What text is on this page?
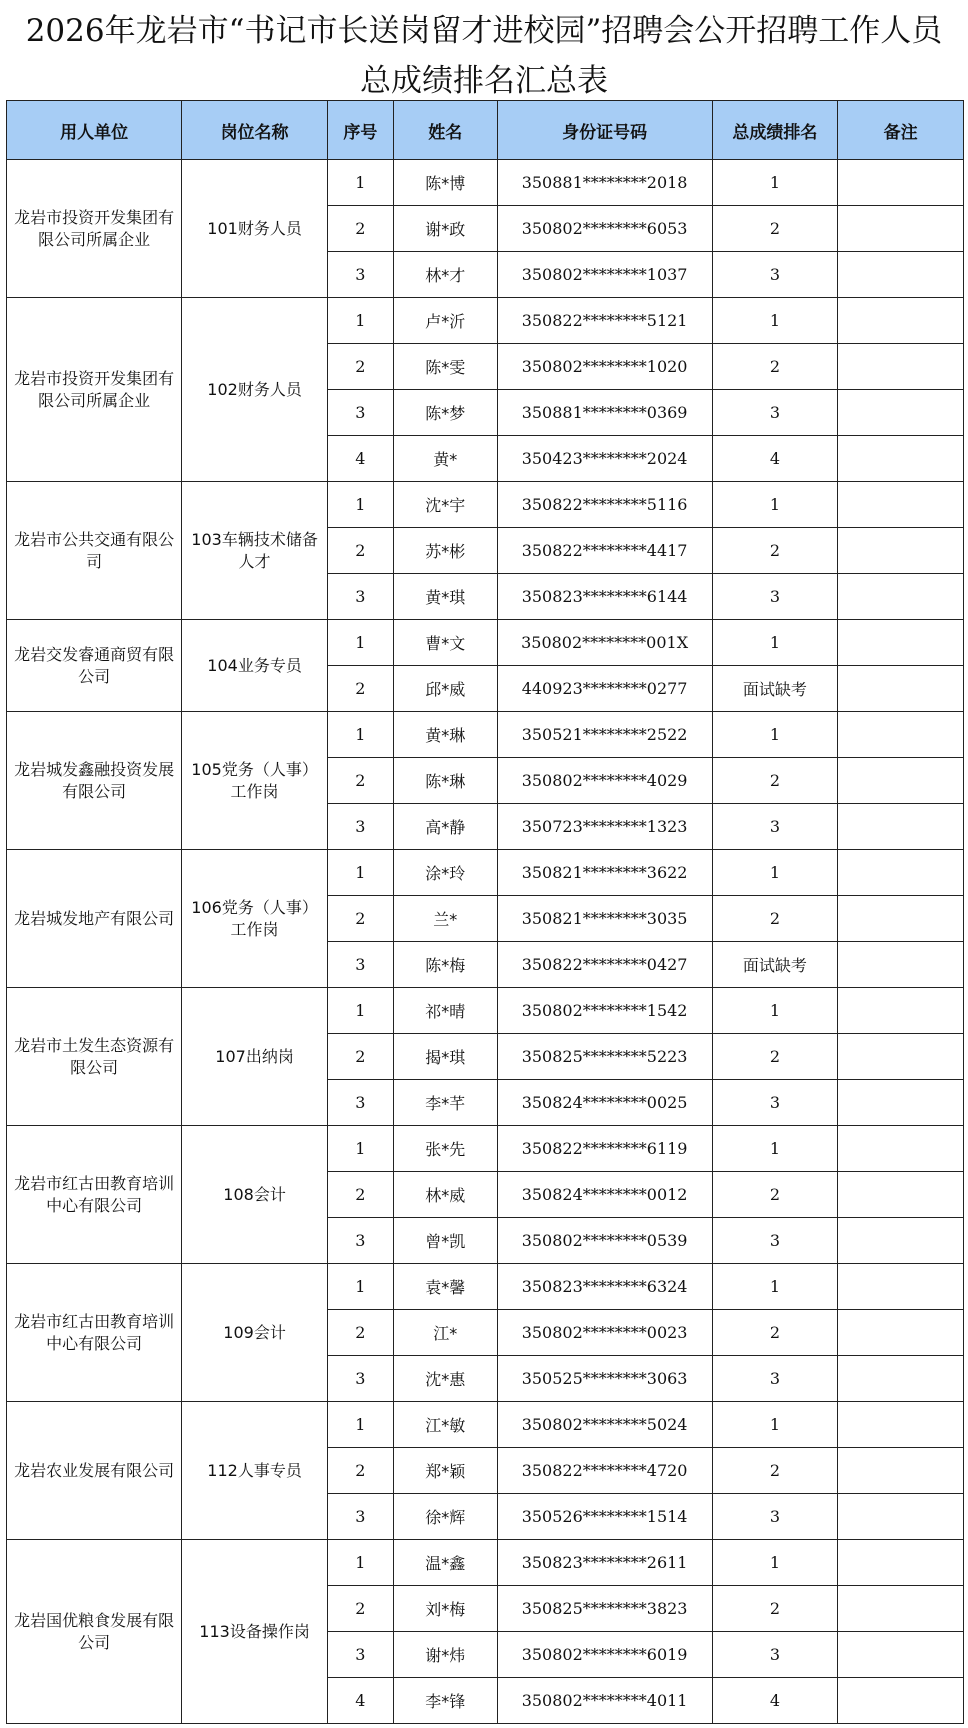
2026年龙岩市“书记市长送岗留才进校园”招聘会公开招聘工作人员
总成绩排名汇总表
用人单位	岗位名称	序号	姓名	身份证号码	总成绩排名	备注
龙岩市投资开发集团有限公司所属企业	101财务人员	1	陈*博	350881********2018	1	
		2	谢*政	350802********6053	2	
		3	林*才	350802********1037	3	
龙岩市投资开发集团有限公司所属企业	102财务人员	1	卢*沂	350822********5121	1	
		2	陈*雯	350802********1020	2	
		3	陈*梦	350881********0369	3	
		4	黄*	350423********2024	4	
龙岩市公共交通有限公司	103车辆技术储备人才	1	沈*宇	350822********5116	1	
		2	苏*彬	350822********4417	2	
		3	黄*琪	350823********6144	3	
龙岩交发睿通商贸有限公司	104业务专员	1	曹*文	350802********001X	1	
		2	邱*威	440923********0277	面试缺考	
龙岩城发鑫融投资发展有限公司	105党务（人事）工作岗	1	黄*琳	350521********2522	1	
		2	陈*琳	350802********4029	2	
		3	高*静	350723********1323	3	
龙岩城发地产有限公司	106党务（人事）工作岗	1	涂*玲	350821********3622	1	
		2	兰*	350821********3035	2	
		3	陈*梅	350822********0427	面试缺考	
龙岩市土发生态资源有限公司	107出纳岗	1	祁*晴	350802********1542	1	
		2	揭*琪	350825********5223	2	
		3	李*芊	350824********0025	3	
龙岩市红古田教育培训中心有限公司	108会计	1	张*先	350822********6119	1	
		2	林*威	350824********0012	2	
		3	曾*凯	350802********0539	3	
龙岩市红古田教育培训中心有限公司	109会计	1	袁*馨	350823********6324	1	
		2	江*	350802********0023	2	
		3	沈*惠	350525********3063	3	
龙岩农业发展有限公司	112人事专员	1	江*敏	350802********5024	1	
		2	郑*颖	350822********4720	2	
		3	徐*辉	350526********1514	3	
龙岩国优粮食发展有限公司	113设备操作岗	1	温*鑫	350823********2611	1	
		2	刘*梅	350825********3823	2	
		3	谢*炜	350802********6019	3	
		4	李*锋	350802********4011	4	
